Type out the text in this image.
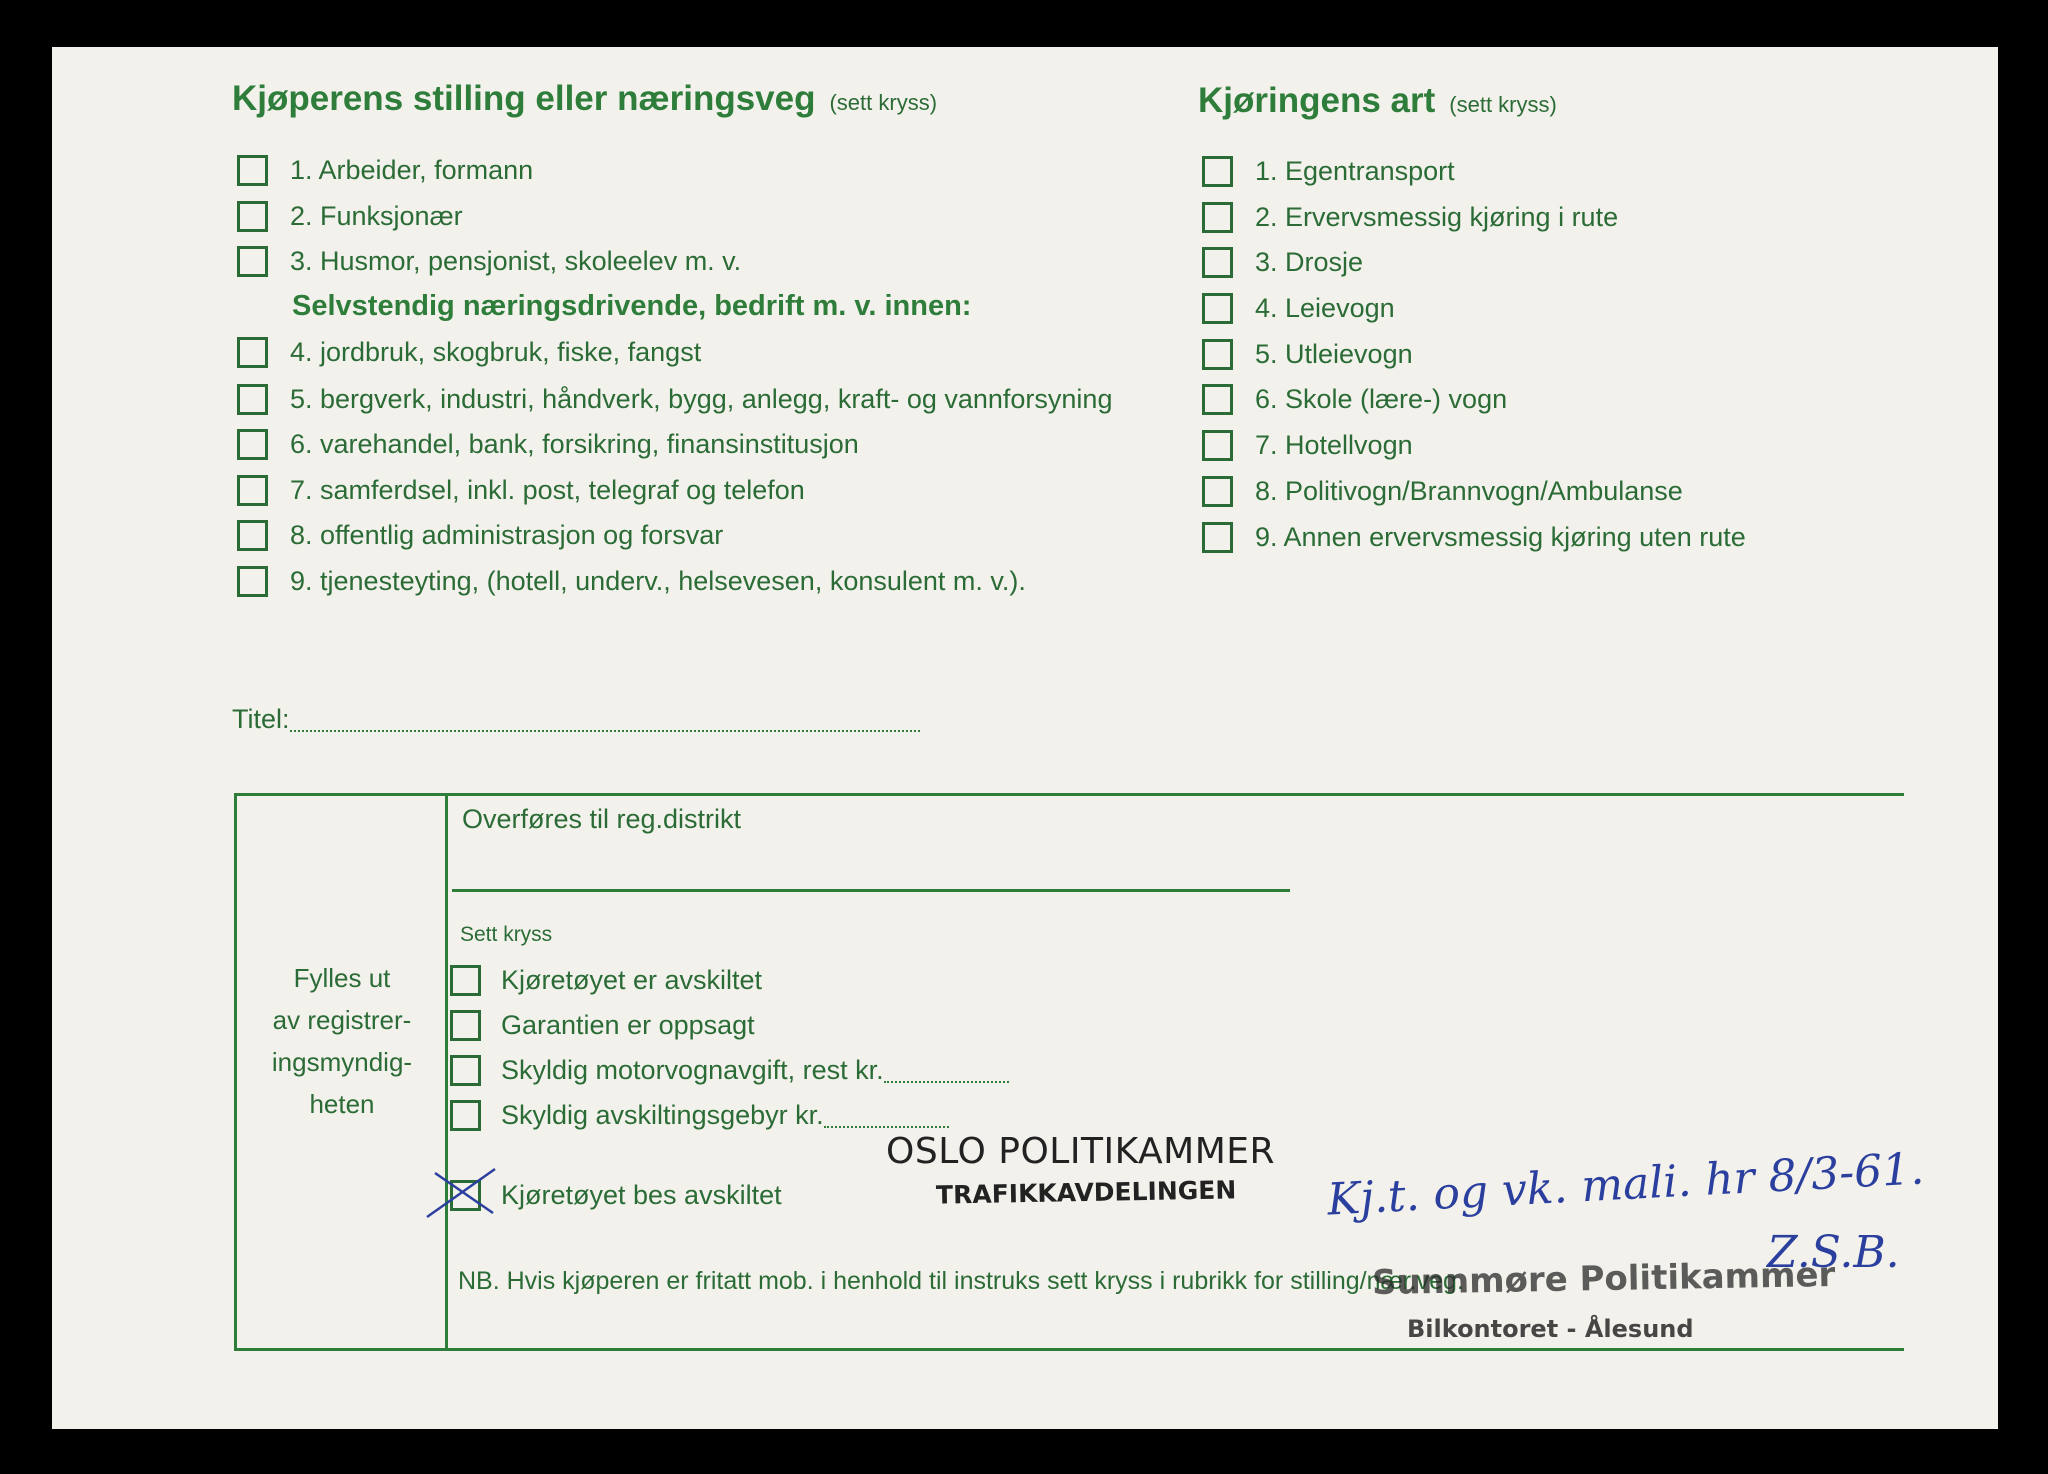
Kjøperens stilling eller næringsveg (sett kryss)	Kjøringens art (sett kryss)
1. Arbeider, formann
2. Funksjonær
3. Husmor, pensjonist, skoleelev m. v.
Selvstendig næringsdrivende, bedrift m. v. innen:
4. jordbruk, skogbruk, fiske, fangst
5. bergverk, industri, håndverk, bygg, anlegg, kraft- og vannforsyning
6. varehandel, bank, forsikring, finansinstitusjon
7. samferdsel, inkl. post, telegraf og telefon
8. offentlig administrasjon og forsvar
9. tjenesteyting, (hotell, underv., helsevesen, konsulent m. v.).
1. Egentransport
2. Ervervsmessig kjøring i rute
3. Drosje
4. Leievogn
5. Utleievogn
6. Skole (lære-) vogn
7. Hotellvogn
8. Politivogn/Brannvogn/Ambulanse
9. Annen ervervsmessig kjøring uten rute
Titel:
Fylles ut
av registrer-
ingsmyndig-
heten
Overføres til reg.distrikt
Sett kryss
Kjøretøyet er avskiltet
Garantien er oppsagt
Skyldig motorvognavgift, rest kr.
Skyldig avskiltingsgebyr kr.
Kjøretøyet bes avskiltet
NB. Hvis kjøperen er fritatt mob. i henhold til instruks sett kryss i rubrikk for stilling/nær.veg.
OSLO POLITIKAMMER
TRAFIKKAVDELINGEN
Sunnmøre Politikammer
Bilkontoret - Ålesund
Kj.t. og vk. mali. hr 8/3-61.
Z.S.B.
